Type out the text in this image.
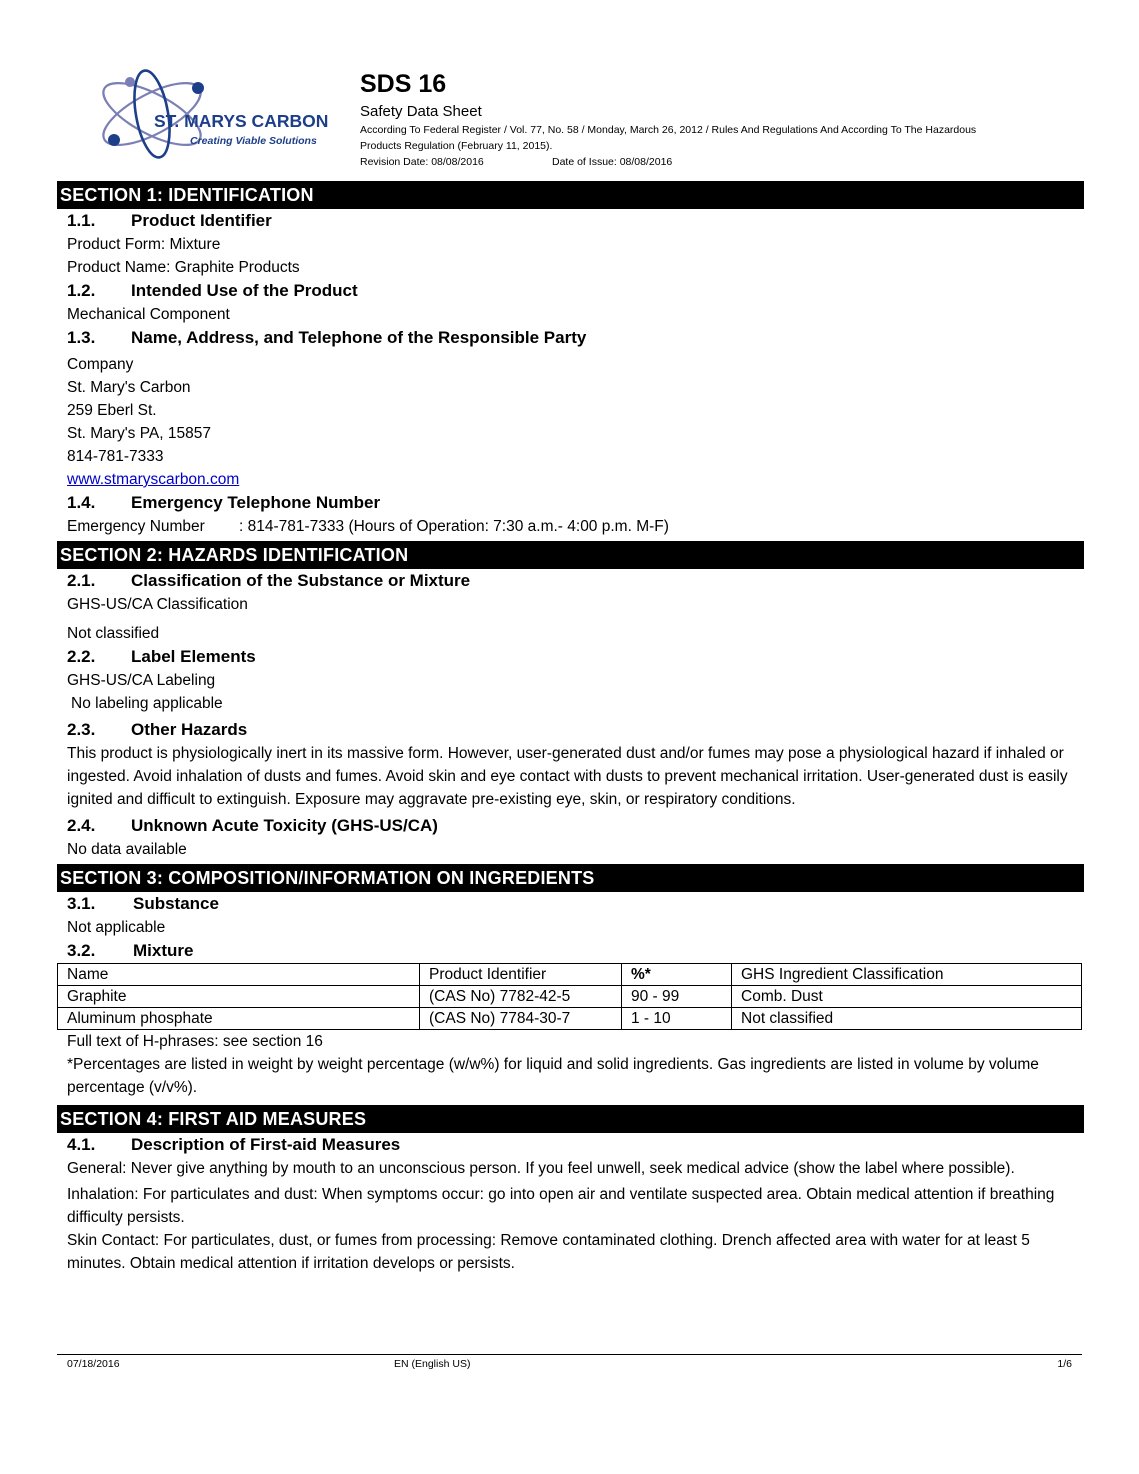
ST. MARYS CARBON
Creating Viable Solutions
SDS 16
Safety Data Sheet
According To Federal Register / Vol. 77, No. 58 / Monday, March 26, 2012 / Rules And Regulations And According To The Hazardous
Products Regulation (February 11, 2015).
Revision Date: 08/08/2016	Date of Issue: 08/08/2016
SECTION 1: IDENTIFICATION
1.1.	Product Identifier
Product Form: Mixture
Product Name: Graphite Products
1.2.	Intended Use of the Product
Mechanical Component
1.3.	Name, Address, and Telephone of the Responsible Party
Company
St. Mary's Carbon
259 Eberl St.
St. Mary's PA, 15857
814-781-7333
www.stmaryscarbon.com
1.4.	Emergency Telephone Number
Emergency Number : 814-781-7333 (Hours of Operation: 7:30 a.m.- 4:00 p.m. M-F)
SECTION 2: HAZARDS IDENTIFICATION
2.1.	Classification of the Substance or Mixture
GHS-US/CA Classification
Not classified
2.2.	Label Elements
GHS-US/CA Labeling
No labeling applicable
2.3.	Other Hazards
This product is physiologically inert in its massive form. However, user-generated dust and/or fumes may pose a physiological hazard if inhaled or ingested. Avoid inhalation of dusts and fumes. Avoid skin and eye contact with dusts to prevent mechanical irritation. User-generated dust is easily ignited and difficult to extinguish. Exposure may aggravate pre-existing eye, skin, or respiratory conditions.
2.4.	Unknown Acute Toxicity (GHS-US/CA)
No data available
SECTION 3: COMPOSITION/INFORMATION ON INGREDIENTS
3.1.	Substance
Not applicable
3.2.	Mixture
Name	Product Identifier	%*	GHS Ingredient Classification
Graphite	(CAS No) 7782-42-5	90 - 99	Comb. Dust
Aluminum phosphate	(CAS No) 7784-30-7	1 - 10	Not classified
Full text of H-phrases: see section 16
*Percentages are listed in weight by weight percentage (w/w%) for liquid and solid ingredients. Gas ingredients are listed in volume by volume percentage (v/v%).
SECTION 4: FIRST AID MEASURES
4.1.	Description of First-aid Measures
General: Never give anything by mouth to an unconscious person. If you feel unwell, seek medical advice (show the label where possible).
Inhalation: For particulates and dust: When symptoms occur: go into open air and ventilate suspected area. Obtain medical attention if breathing difficulty persists.
Skin Contact: For particulates, dust, or fumes from processing: Remove contaminated clothing. Drench affected area with water for at least 5 minutes. Obtain medical attention if irritation develops or persists.
07/18/2016	EN (English US)	1/6
